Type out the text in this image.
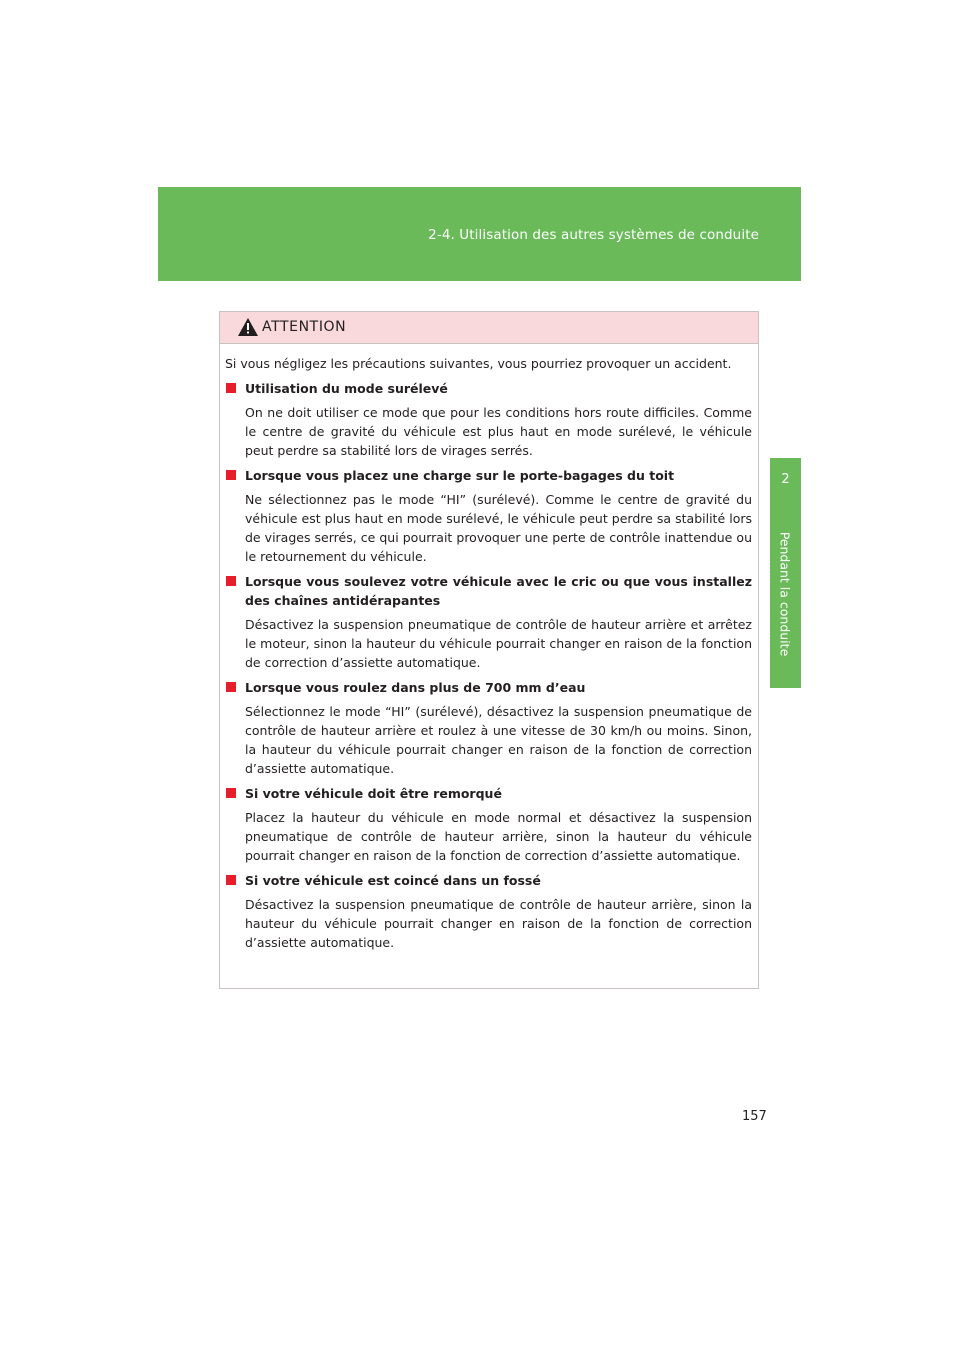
2-4. Utilisation des autres systèmes de conduite
2
Pendant la conduite
ATTENTION

Si vous négligez les précautions suivantes, vous pourriez provoquer un accident.

Utilisation du mode surélevé
On ne doit utiliser ce mode que pour les conditions hors route difficiles. Comme le centre de gravité du véhicule est plus haut en mode surélevé, le véhicule peut perdre sa stabilité lors de virages serrés.
Lorsque vous placez une charge sur le porte-bagages du toit
Ne sélectionnez pas le mode “HI” (surélevé). Comme le centre de gravité du véhicule est plus haut en mode surélevé, le véhicule peut perdre sa stabilité lors de virages serrés, ce qui pourrait provoquer une perte de contrôle inattendue ou le retournement du véhicule.
Lorsque vous soulevez votre véhicule avec le cric ou que vous installez des chaînes antidérapantes
Désactivez la suspension pneumatique de contrôle de hauteur arrière et arrêtez le moteur, sinon la hauteur du véhicule pourrait changer en raison de la fonction de correction d’assiette automatique.
Lorsque vous roulez dans plus de 700 mm d’eau
Sélectionnez le mode “HI” (surélevé), désactivez la suspension pneumatique de contrôle de hauteur arrière et roulez à une vitesse de 30 km/h ou moins. Sinon, la hauteur du véhicule pourrait changer en raison de la fonction de correction d’assiette automatique.
Si votre véhicule doit être remorqué
Placez la hauteur du véhicule en mode normal et désactivez la suspension pneumatique de contrôle de hauteur arrière, sinon la hauteur du véhicule pourrait changer en raison de la fonction de correction d’assiette automatique.
Si votre véhicule est coincé dans un fossé
Désactivez la suspension pneumatique de contrôle de hauteur arrière, sinon la hauteur du véhicule pourrait changer en raison de la fonction de correction d’assiette automatique.
157
